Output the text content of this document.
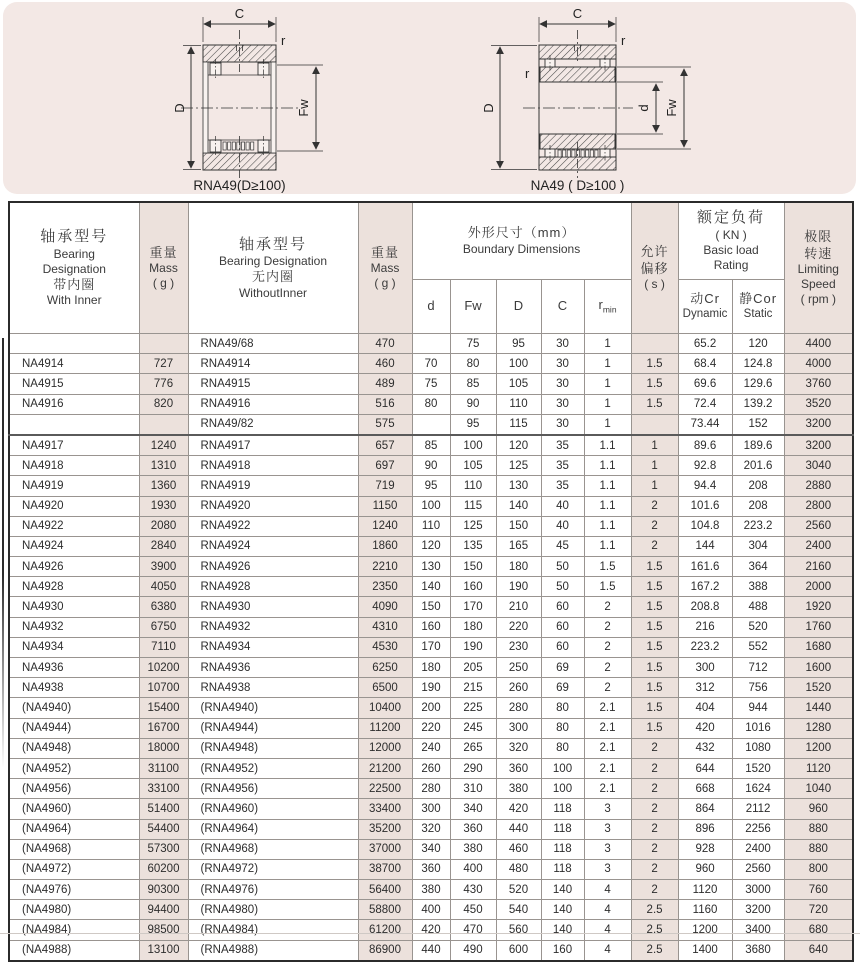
C
r
D	Fw
RNA49(D≥100)
C
r
r
D	d Fw
NA49 ( D≥100 )
轴承型号
Bearing
Designation
带内圈
With Inner

重量
Mass
( g )

轴承型号
Bearing Designation
无内圈
WithoutInner

重量
Mass
( g )

外形尺寸（mm）
Boundary Dimensions	允许
偏移
( s )

额定负荷
( KN )
Basic load
Rating

极限
转速
Limiting
Speed
( rpm )

d	Fw	D	C	$r_{min}$	
动Cr
Dynamic

静Cor
Static

		RNA49/68	470		75	95	30	1		65.2	120	4400
NA4914	727	RNA4914	460	70	80	100	30	1	1.5	68.4	124.8	4000
NA4915	776	RNA4915	489	75	85	105	30	1	1.5	69.6	129.6	3760
NA4916	820	RNA4916	516	80	90	110	30	1	1.5	72.4	139.2	3520
		RNA49/82	575		95	115	30	1		73.44	152	3200
NA4917	1240	RNA4917	657	85	100	120	35	1.1	1	89.6	189.6	3200
NA4918	1310	RNA4918	697	90	105	125	35	1.1	1	92.8	201.6	3040
NA4919	1360	RNA4919	719	95	110	130	35	1.1	1	94.4	208	2880
NA4920	1930	RNA4920	1150	100	115	140	40	1.1	2	101.6	208	2800
NA4922	2080	RNA4922	1240	110	125	150	40	1.1	2	104.8	223.2	2560
NA4924	2840	RNA4924	1860	120	135	165	45	1.1	2	144	304	2400
NA4926	3900	RNA4926	2210	130	150	180	50	1.5	1.5	161.6	364	2160
NA4928	4050	RNA4928	2350	140	160	190	50	1.5	1.5	167.2	388	2000
NA4930	6380	RNA4930	4090	150	170	210	60	2	1.5	208.8	488	1920
NA4932	6750	RNA4932	4310	160	180	220	60	2	1.5	216	520	1760
NA4934	7110	RNA4934	4530	170	190	230	60	2	1.5	223.2	552	1680
NA4936	10200	RNA4936	6250	180	205	250	69	2	1.5	300	712	1600
NA4938	10700	RNA4938	6500	190	215	260	69	2	1.5	312	756	1520
(NA4940)	15400	(RNA4940)	10400	200	225	280	80	2.1	1.5	404	944	1440
(NA4944)	16700	(RNA4944)	11200	220	245	300	80	2.1	1.5	420	1016	1280
(NA4948)	18000	(RNA4948)	12000	240	265	320	80	2.1	2	432	1080	1200
(NA4952)	31100	(RNA4952)	21200	260	290	360	100	2.1	2	644	1520	1120
(NA4956)	33100	(RNA4956)	22500	280	310	380	100	2.1	2	668	1624	1040
(NA4960)	51400	(RNA4960)	33400	300	340	420	118	3	2	864	2112	960
(NA4964)	54400	(RNA4964)	35200	320	360	440	118	3	2	896	2256	880
(NA4968)	57300	(RNA4968)	37000	340	380	460	118	3	2	928	2400	880
(NA4972)	60200	(RNA4972)	38700	360	400	480	118	3	2	960	2560	800
(NA4976)	90300	(RNA4976)	56400	380	430	520	140	4	2	1120	3000	760
(NA4980)	94400	(RNA4980)	58800	400	450	540	140	4	2.5	1160	3200	720
(NA4984)	98500	(RNA4984)	61200	420	470	560	140	4	2.5	1200	3400	680
(NA4988)	13100	(RNA4988)	86900	440	490	600	160	4	2.5	1400	3680	640
